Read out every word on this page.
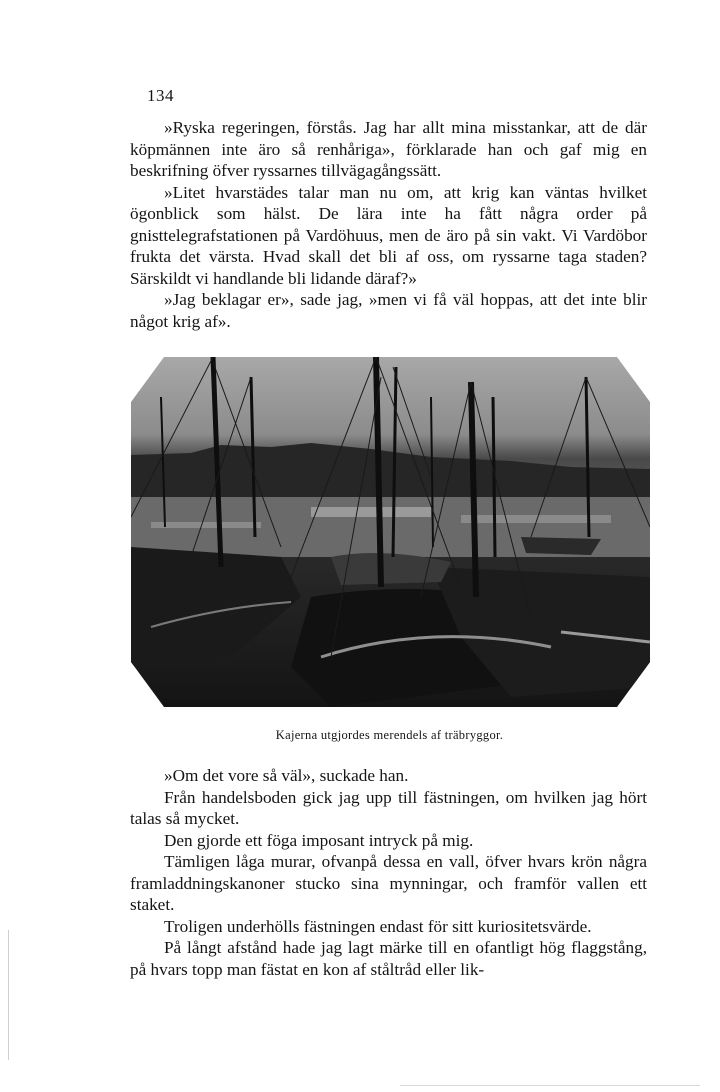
134

»Ryska regeringen, förstås. Jag har allt mina misstankar, att de där köpmännen inte äro så renhåriga», förklarade han och gaf mig en beskrifning öfver ryssarnes tillvägagångssätt.

»Litet hvarstädes talar man nu om, att krig kan väntas hvilket ögonblick som hälst. De lära inte ha fått några order på gnisttelegrafstationen på Vardöhuus, men de äro på sin vakt. Vi Vardöbor frukta det värsta. Hvad skall det bli af oss, om ryssarne taga staden? Särskildt vi handlande bli lidande däraf?»

»Jag beklagar er», sade jag, »men vi få väl hoppas, att det inte blir något krig af».

Kajerna utgjordes merendels af träbryggor.

»Om det vore så väl», suckade han.

Från handelsboden gick jag upp till fästningen, om hvilken jag hört talas så mycket.

Den gjorde ett föga imposant intryck på mig.

Tämligen låga murar, ofvanpå dessa en vall, öfver hvars krön några framladdningskanoner stucko sina mynningar, och framför vallen ett staket.

Troligen underhölls fästningen endast för sitt kuriositetsvärde.

På långt afstånd hade jag lagt märke till en ofantligt hög flaggstång, på hvars topp man fästat en kon af ståltråd eller lik-
